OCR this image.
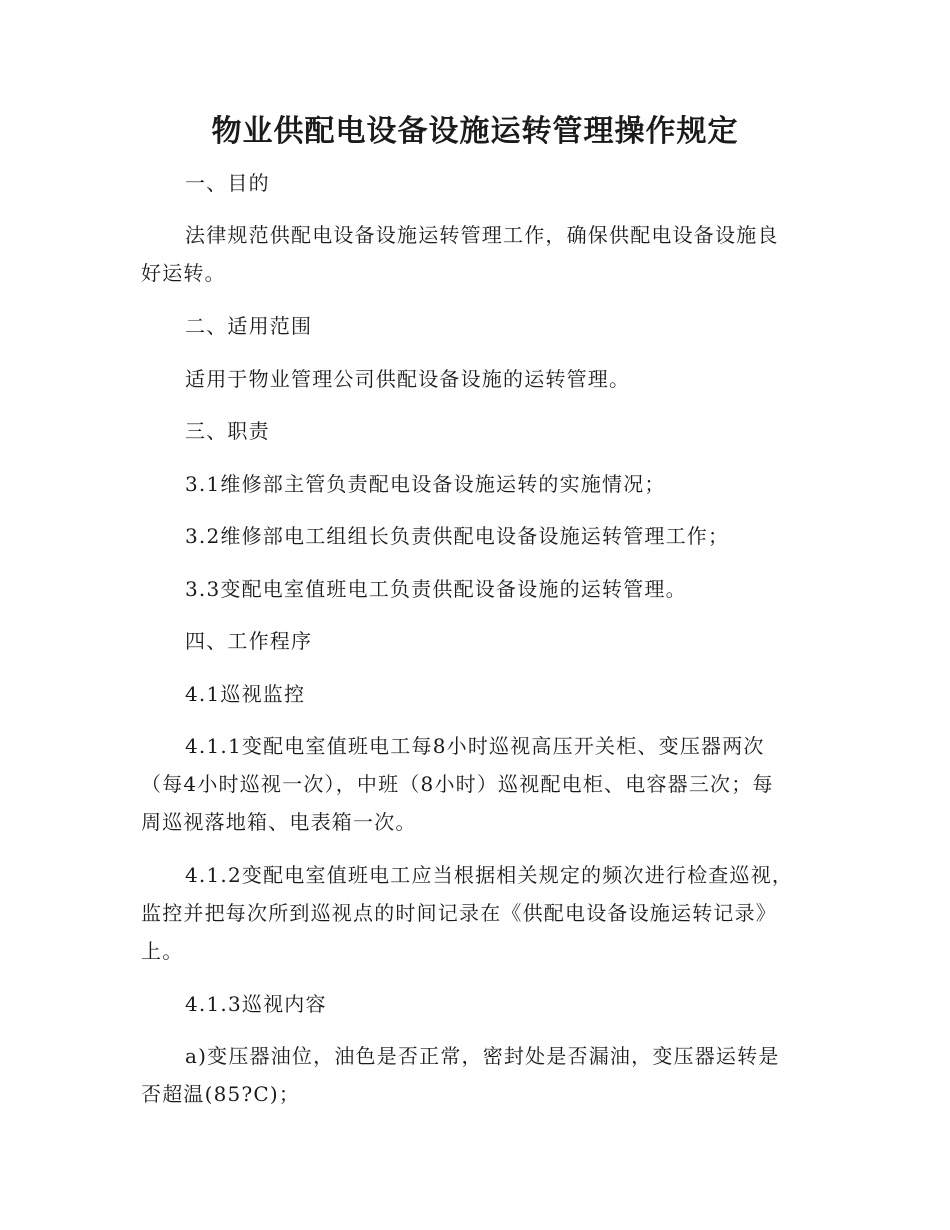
物业供配电设备设施运转管理操作规定
一、目的
法律规范供配电设备设施运转管理工作，确保供配电设备设施良
好运转。
二、适用范围
适用于物业管理公司供配设备设施的运转管理。
三、职责
3.1维修部主管负责配电设备设施运转的实施情况；
3.2维修部电工组组长负责供配电设备设施运转管理工作；
3.3变配电室值班电工负责供配设备设施的运转管理。
四、工作程序
4.1巡视监控
4.1.1变配电室值班电工每8小时巡视高压开关柜、变压器两次
（每4小时巡视一次），中班（8小时）巡视配电柜、电容器三次；每
周巡视落地箱、电表箱一次。
4.1.2变配电室值班电工应当根据相关规定的频次进行检查巡视，
监控并把每次所到巡视点的时间记录在《供配电设备设施运转记录》
上。
4.1.3巡视内容
a)变压器油位，油色是否正常，密封处是否漏油，变压器运转是
否超温(85?C)；
